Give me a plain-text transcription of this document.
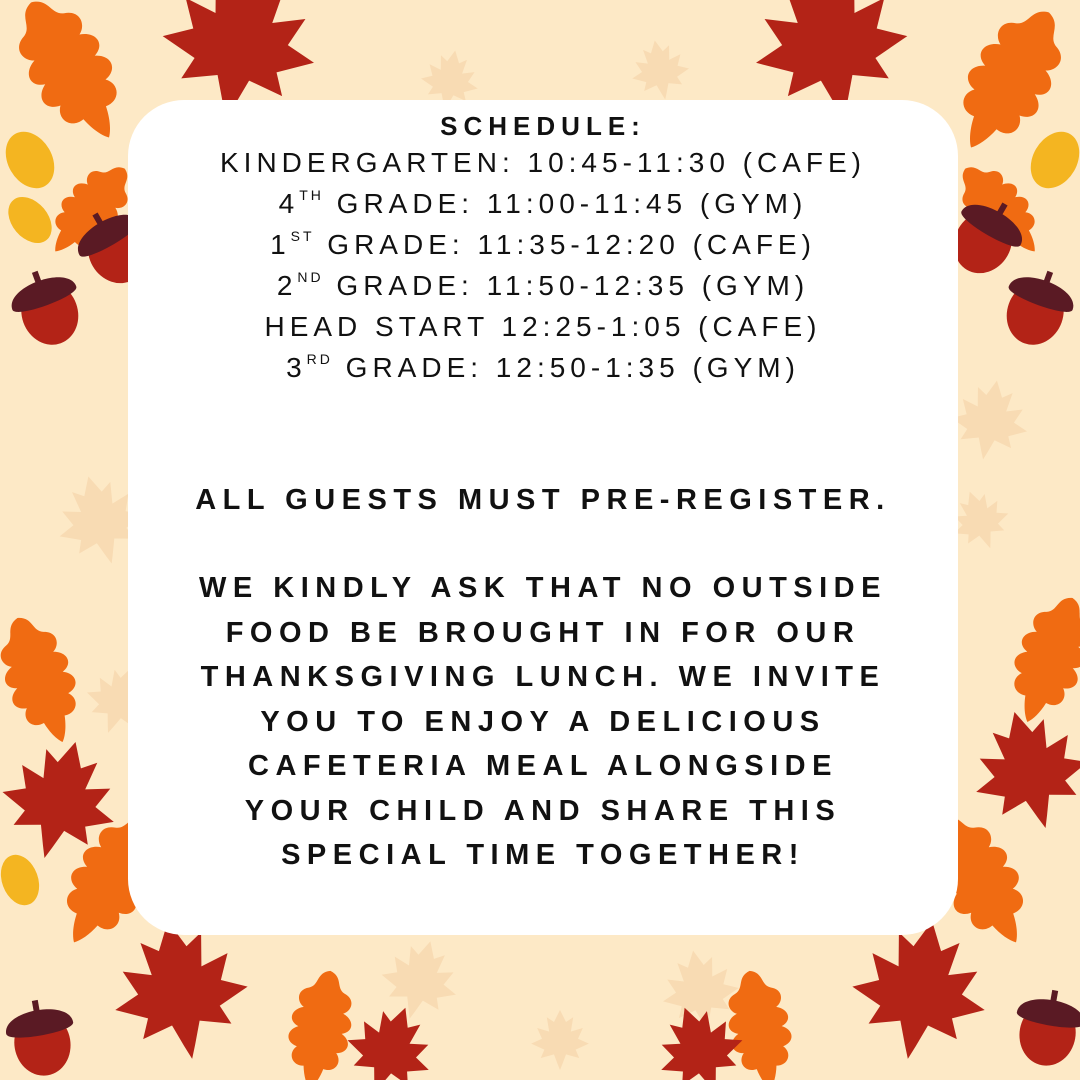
SCHEDULE:
KINDERGARTEN: 10:45-11:30 (CAFE)
4TH GRADE: 11:00-11:45 (GYM)
1ST GRADE: 11:35-12:20 (CAFE)
2ND GRADE: 11:50-12:35 (GYM)
HEAD START 12:25-1:05 (CAFE)
3RD GRADE: 12:50-1:35 (GYM)
ALL GUESTS MUST PRE-REGISTER.
WE KINDLY ASK THAT NO OUTSIDE
FOOD BE BROUGHT IN FOR OUR
THANKSGIVING LUNCH. WE INVITE
YOU TO ENJOY A DELICIOUS
CAFETERIA MEAL ALONGSIDE
YOUR CHILD AND SHARE THIS
SPECIAL TIME TOGETHER!
